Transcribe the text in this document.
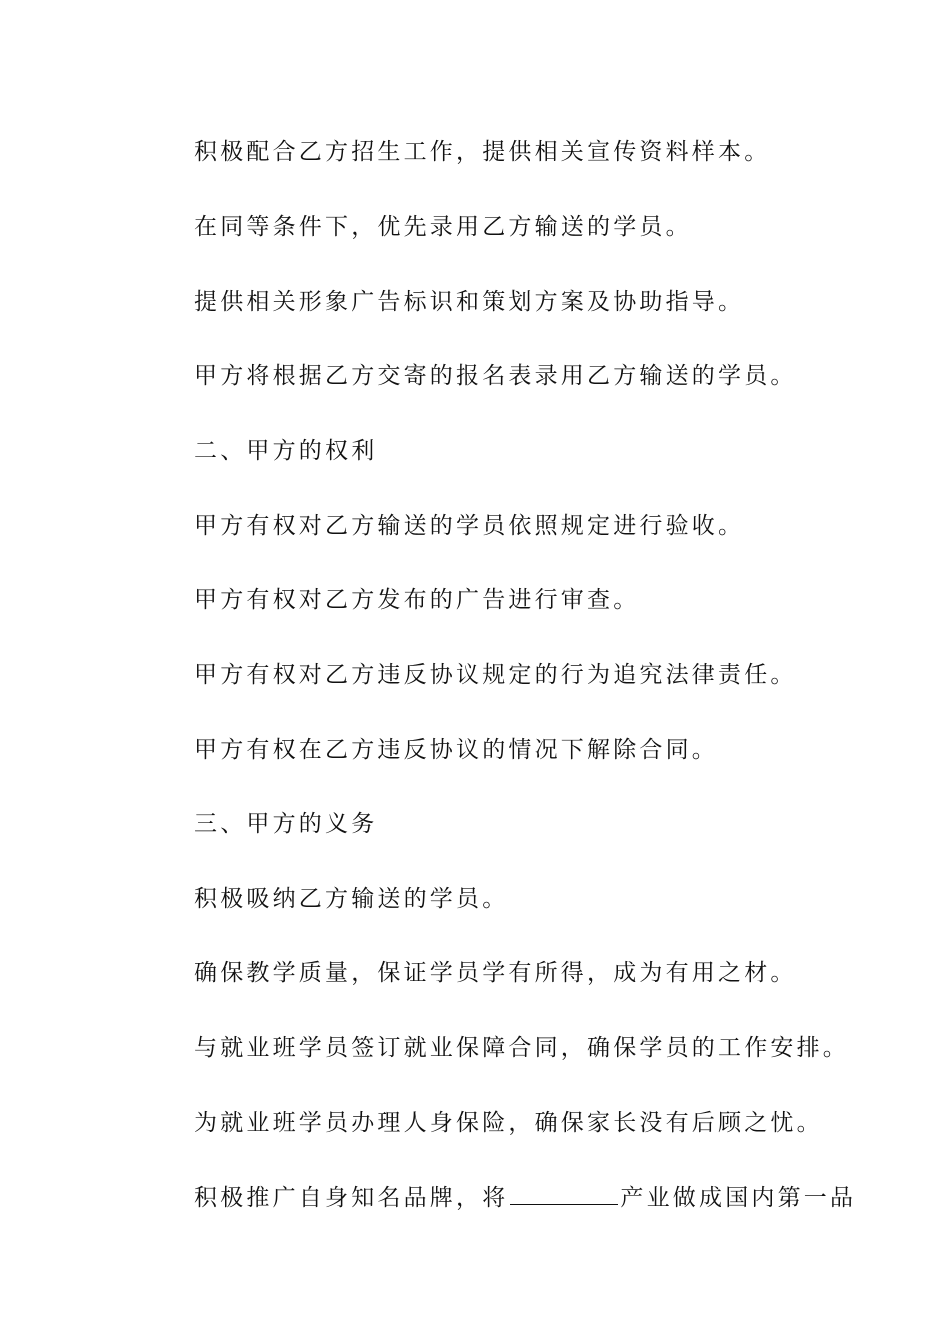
积极配合乙方招生工作，提供相关宣传资料样本。
在同等条件下，优先录用乙方输送的学员。
提供相关形象广告标识和策划方案及协助指导。
甲方将根据乙方交寄的报名表录用乙方输送的学员。
二、甲方的权利
甲方有权对乙方输送的学员依照规定进行验收。
甲方有权对乙方发布的广告进行审查。
甲方有权对乙方违反协议规定的行为追究法律责任。
甲方有权在乙方违反协议的情况下解除合同。
三、甲方的义务
积极吸纳乙方输送的学员。
确保教学质量，保证学员学有所得，成为有用之材。
与就业班学员签订就业保障合同，确保学员的工作安排。
为就业班学员办理人身保险，确保家长没有后顾之忧。
积极推广自身知名品牌，将	产业做成国内第一品
